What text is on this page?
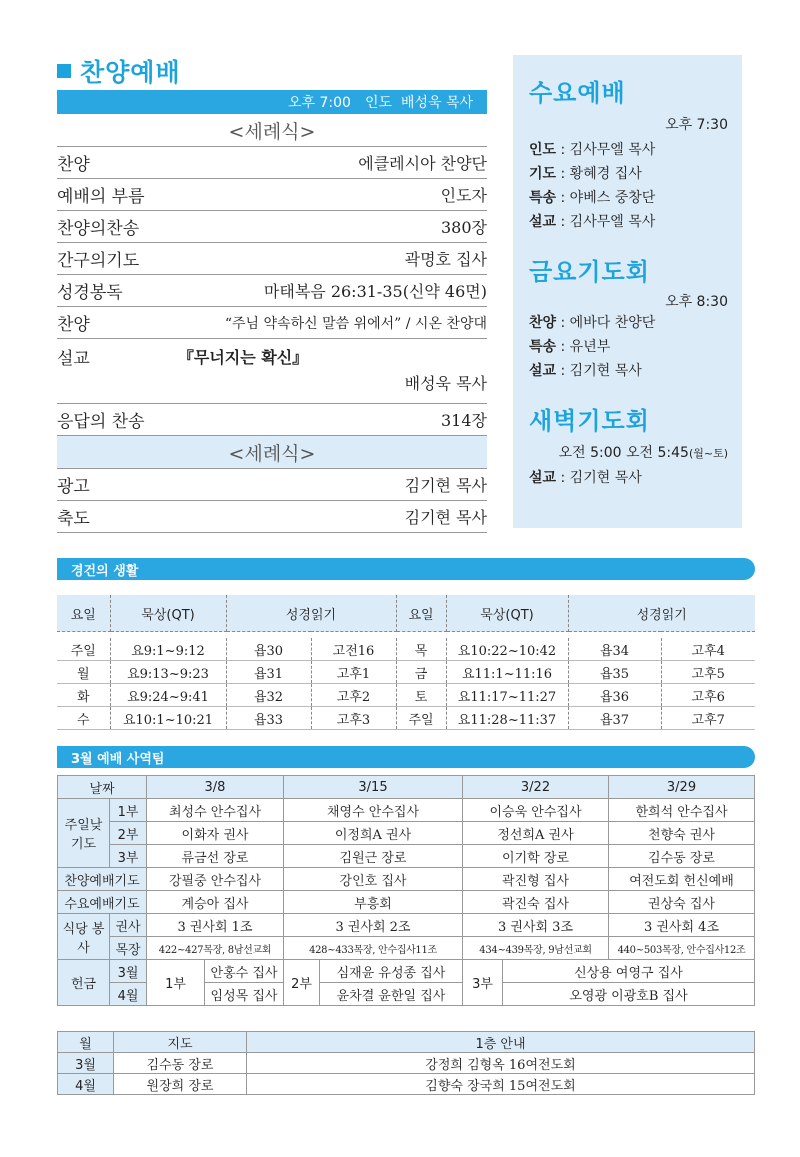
찬양예배
오후 7:00 인도  배성욱 목사
<세례식>
찬양	에클레시아 찬양단
예배의 부름	인도자
찬양의찬송	380장
간구의기도	곽명호 집사
성경봉독	마태복음 26:31-35(신약 46면)
찬양	“주님 약속하신 말씀 위에서” / 시온 찬양대
설교	『무너지는 확신』
배성욱 목사
응답의 찬송	314장
<세례식>
광고	김기현 목사
축도	김기현 목사
수요예배
오후 7:30
인도 : 김사무엘 목사
기도 : 황혜경 집사
특송 : 야베스 중창단
설교 : 김사무엘 목사
금요기도회
오후 8:30
찬양 : 에바다 찬양단
특송 : 유년부
설교 : 김기현 목사
새벽기도회
오전 5:00 오전 5:45(월~토)
설교 : 김기현 목사
경건의 생활
요일	묵상(QT)	성경읽기		요일	묵상(QT)	성경읽기	

주일	요9:1~9:12	욥30	고전16	목	요10:22~10:42	욥34	고후4
월	요9:13~9:23	욥31	고후1	금	요11:1~11:16	욥35	고후5
화	요9:24~9:41	욥32	고후2	토	요11:17~11:27	욥36	고후6
수	요10:1~10:21	욥33	고후3	주일	요11:28~11:37	욥37	고후7
3월 예배 사역팀
날짜		3/8		3/15		3/22		3/29
주일낮 기도	1부	최성수 안수집사		채영수 안수집사		이승욱 안수집사		한희석 안수집사
	2부	이화자 권사		이정희A 권사		정선희A 권사		천향숙 권사
	3부	류금선 장로		김원근 장로		이기학 장로		김수동 장로
찬양예배기도		강필중 안수집사		강인호 집사		곽진형 집사		여전도회 헌신예배
수요예배기도		계승아 집사		부흥회		곽진숙 집사		권상숙 집사
식당 봉사	권사	3 권사회 1조		3 권사회 2조		3 권사회 3조		3 권사회 4조
	목장	422~427목장, 8남선교회		428~433목장, 안수집사11조		434~439목장, 9남선교회		440~503목장, 안수집사12조
헌금	3월	1부	안홍수 집사	2부	심재윤 유성종 집사	3부	신상용 여영구 집사	
	4월		임성목 집사		윤차결 윤한일 집사		오영광 이광호B 집사	
월	지도	1층 안내
3월	김수동 장로	강정희 김형옥 16여전도회
4월	원장희 장로	김향숙 장국희 15여전도회
